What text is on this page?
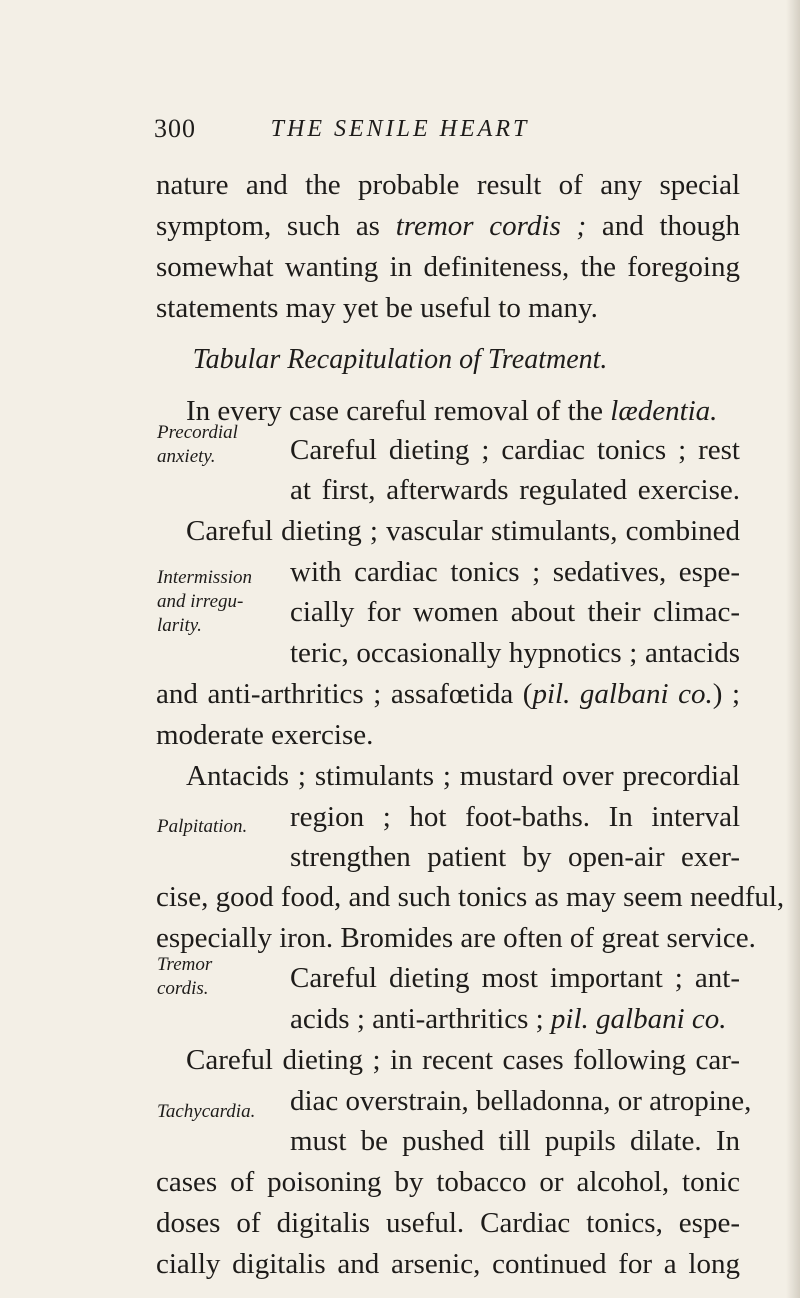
300	THE SENILE HEART
nature and the probable result of any special
symptom, such as tremor cordis ; and though
somewhat wanting in definiteness, the foregoing
statements may yet be useful to many.
Tabular Recapitulation of Treatment.
In every case careful removal of the lædentia.
Precordial
anxiety.	Careful dieting ; cardiac tonics ; rest
at first, afterwards regulated exercise.
Careful dieting ; vascular stimulants, combined
with cardiac tonics ; sedatives, espe-
Intermission
and irregu-
larity.	cially for women about their climac-
teric, occasionally hypnotics ; antacids
and anti-arthritics ; assafœtida (pil. galbani co.) ;
moderate exercise.
Antacids ; stimulants ; mustard over precordial
region ; hot foot-baths. In interval
Palpitation.
strengthen patient by open-air exer-
cise, good food, and such tonics as may seem needful,
especially iron. Bromides are often of great service.
Tremor
cordis.	Careful dieting most important ; ant-
acids ; anti-arthritics ; pil. galbani co.
Careful dieting ; in recent cases following car-
diac overstrain, belladonna, or atropine,
Tachycardia.
must be pushed till pupils dilate. In
cases of poisoning by tobacco or alcohol, tonic
doses of digitalis useful. Cardiac tonics, espe-
cially digitalis and arsenic, continued for a long
